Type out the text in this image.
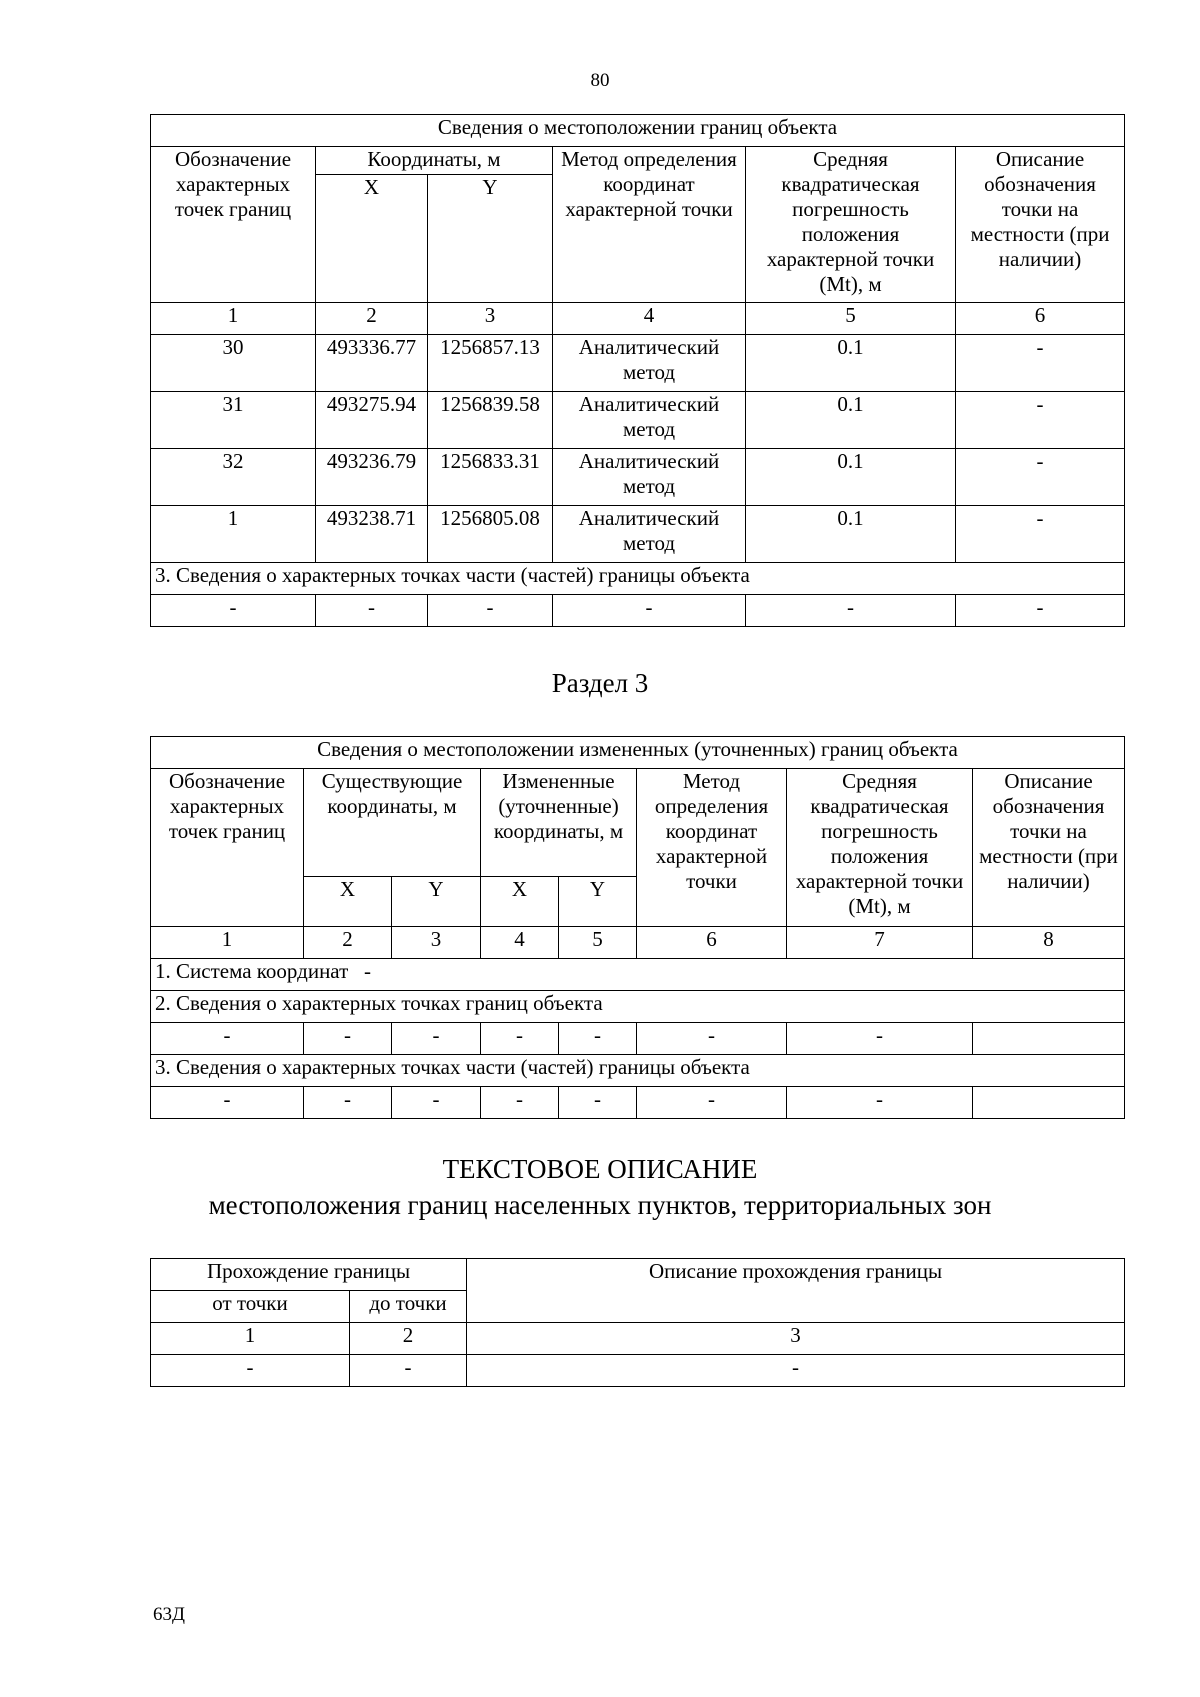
80
Сведения о местоположении границ объекта					
Обозначение характерных точек границ	Координаты, м		Метод определения координат характерной точки	Средняя квадратическая погрешность положения характерной точки (Mt), м	Описание обозначения точки на местности (при наличии)
	X	Y			
1	2	3	4	5	6
30	493336.77	1256857.13	Аналитический метод	0.1	-
31	493275.94	1256839.58	Аналитический метод	0.1	-
32	493236.79	1256833.31	Аналитический метод	0.1	-
1	493238.71	1256805.08	Аналитический метод	0.1	-
3. Сведения о характерных точках части (частей) границы объекта					
-	-	-	-	-	-
Раздел 3
Сведения о местоположении измененных (уточненных) границ объекта							
Обозначение характерных точек границ	Существующие координаты, м		Измененные (уточненные) координаты, м		Метод определения координат характерной точки	Средняя квадратическая погрешность положения характерной точки (Mt), м	Описание обозначения точки на местности (при наличии)
	X	Y	X	Y			
1	2	3	4	5	6	7	8
1. Система координат   -							
2. Сведения о характерных точках границ объекта							
-	-	-	-	-	-	-	
3. Сведения о характерных точках части (частей) границы объекта							
-	-	-	-	-	-	-	
ТЕКСТОВОЕ ОПИСАНИЕ
местоположения границ населенных пунктов, территориальных зон
Прохождение границы		Описание прохождения границы
от точки	до точки	
1	2	3
-	-	-
63Д
